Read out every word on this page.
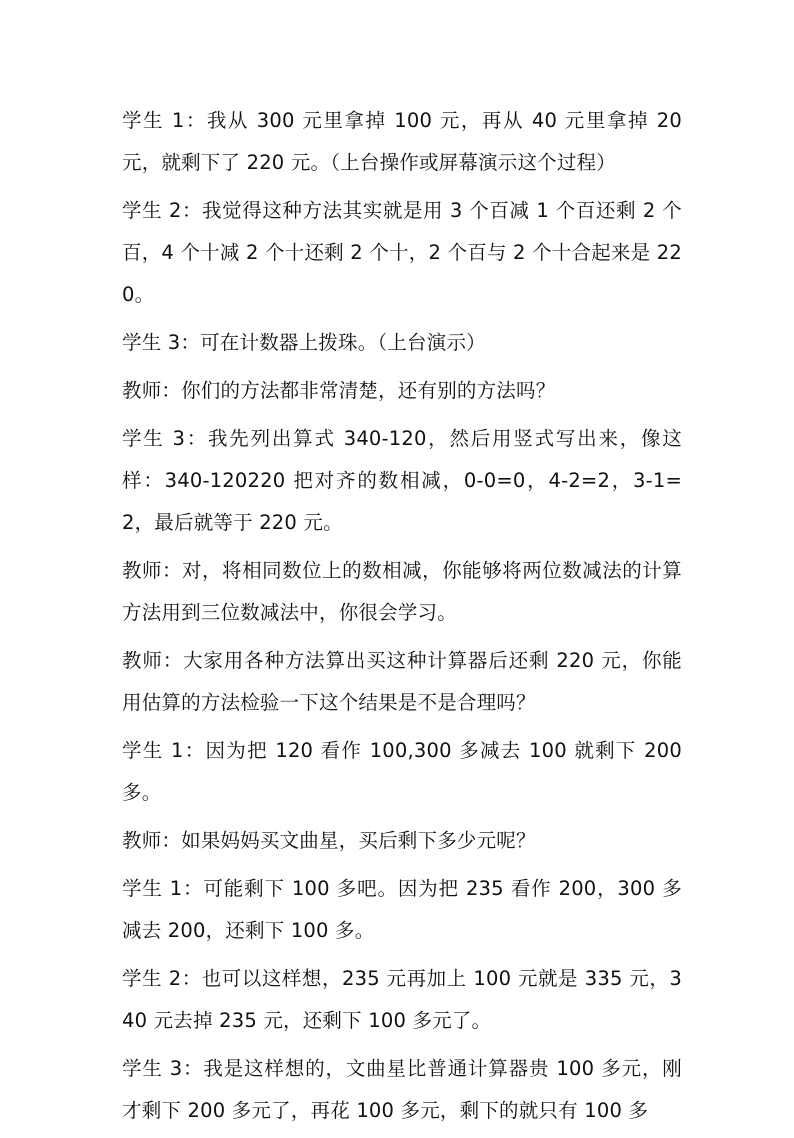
学生 1：我从 300 元里拿掉 100 元，再从 40 元里拿掉 20 元，就剩下了 220 元。（上台操作或屏幕演示这个过程）

学生 2：我觉得这种方法其实就是用 3 个百减 1 个百还剩 2 个百，4 个十减 2 个十还剩 2 个十，2 个百与 2 个十合起来是 220。

学生 3：可在计数器上拨珠。（上台演示）

教师：你们的方法都非常清楚，还有别的方法吗？

学生 3：我先列出算式 340-120，然后用竖式写出来，像这样：340-120220 把对齐的数相减，0-0=0，4-2=2，3-1=2，最后就等于 220 元。

教师：对，将相同数位上的数相减，你能够将两位数减法的计算方法用到三位数减法中，你很会学习。

教师：大家用各种方法算出买这种计算器后还剩 220 元，你能用估算的方法检验一下这个结果是不是合理吗？

学生 1：因为把 120 看作 100,300 多减去 100 就剩下 200 多。

教师：如果妈妈买文曲星，买后剩下多少元呢？

学生 1：可能剩下 100 多吧。因为把 235 看作 200，300 多减去 200，还剩下 100 多。

学生 2：也可以这样想，235 元再加上 100 元就是 335 元，340 元去掉 235 元，还剩下 100 多元了。

学生 3：我是这样想的，文曲星比普通计算器贵 100 多元，刚才剩下 200 多元了，再花 100 多元，剩下的就只有 100 多
